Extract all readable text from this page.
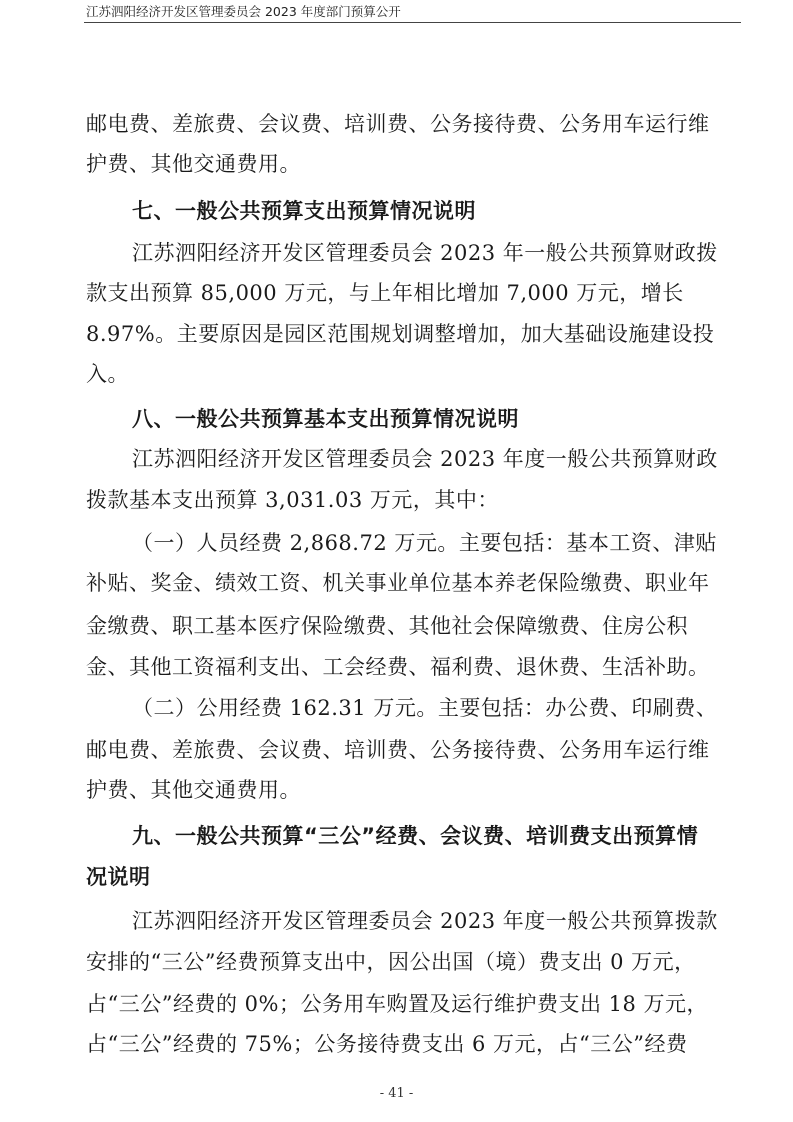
江苏泗阳经济开发区管理委员会 2023 年度部门预算公开
邮电费、差旅费、会议费、培训费、公务接待费、公务用车运行维
护费、其他交通费用。
七、一般公共预算支出预算情况说明
江苏泗阳经济开发区管理委员会 2023 年一般公共预算财政拨
款支出预算 85,000 万元，与上年相比增加 7,000 万元，增长
8.97%。主要原因是园区范围规划调整增加，加大基础设施建设投
入。
八、一般公共预算基本支出预算情况说明
江苏泗阳经济开发区管理委员会 2023 年度一般公共预算财政
拨款基本支出预算 3,031.03 万元，其中：
（一）人员经费 2,868.72 万元。主要包括：基本工资、津贴
补贴、奖金、绩效工资、机关事业单位基本养老保险缴费、职业年
金缴费、职工基本医疗保险缴费、其他社会保障缴费、住房公积
金、其他工资福利支出、工会经费、福利费、退休费、生活补助。
（二）公用经费 162.31 万元。主要包括：办公费、印刷费、
邮电费、差旅费、会议费、培训费、公务接待费、公务用车运行维
护费、其他交通费用。
九、一般公共预算“三公”经费、会议费、培训费支出预算情
况说明
江苏泗阳经济开发区管理委员会 2023 年度一般公共预算拨款
安排的“三公”经费预算支出中，因公出国（境）费支出 0 万元，
占“三公”经费的 0%；公务用车购置及运行维护费支出 18 万元，
占“三公”经费的 75%；公务接待费支出 6 万元，占“三公”经费
- 41 -
